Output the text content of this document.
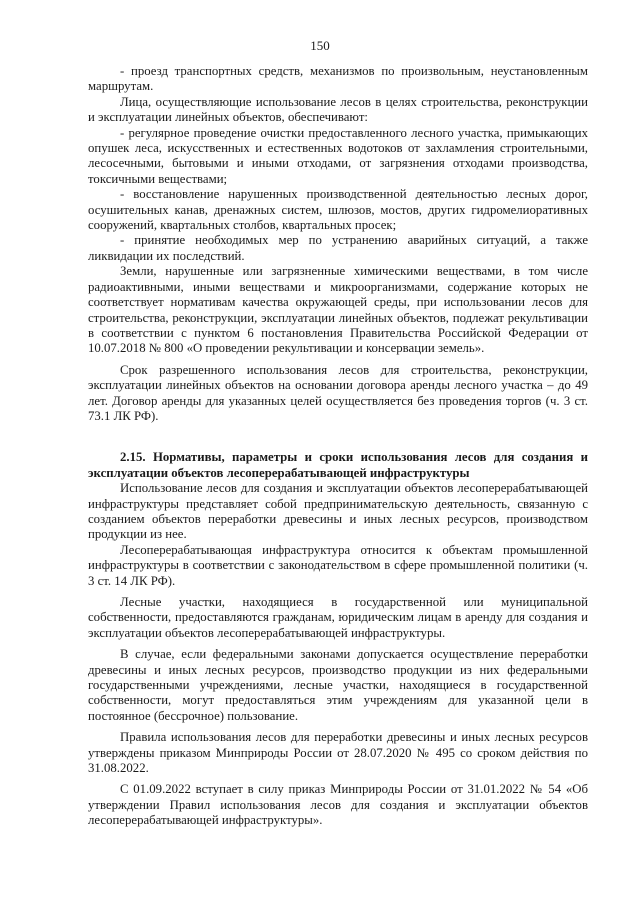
150

- проезд транспортных средств, механизмов по произвольным, неустановленным маршрутам.

Лица, осуществляющие использование лесов в целях строительства, реконструкции и эксплуатации линейных объектов, обеспечивают:

- регулярное проведение очистки предоставленного лесного участка, примыкающих опушек леса, искусственных и естественных водотоков от захламления строительными, лесосечными, бытовыми и иными отходами, от загрязнения отходами производства, токсичными веществами;

- восстановление нарушенных производственной деятельностью лесных дорог, осушительных канав, дренажных систем, шлюзов, мостов, других гидромелиоративных сооружений, квартальных столбов, квартальных просек;

- принятие необходимых мер по устранению аварийных ситуаций, а также ликвидации их последствий.

Земли, нарушенные или загрязненные химическими веществами, в том числе радиоактивными, иными веществами и микроорганизмами, содержание которых не соответствует нормативам качества окружающей среды, при использовании лесов для строительства, реконструкции, эксплуатации линейных объектов, подлежат рекультивации в соответствии с пунктом 6 постановления Правительства Российской Федерации от 10.07.2018 № 800 «О проведении рекультивации и консервации земель».

Срок разрешенного использования лесов для строительства, реконструкции, эксплуатации линейных объектов на основании договора аренды лесного участка – до 49 лет. Договор аренды для указанных целей осуществляется без проведения торгов (ч. 3 ст. 73.1 ЛК РФ).

2.15. Нормативы, параметры и сроки использования лесов для создания и эксплуатации объектов лесоперерабатывающей инфраструктуры

Использование лесов для создания и эксплуатации объектов лесоперерабатывающей инфраструктуры представляет собой предпринимательскую деятельность, связанную с созданием объектов переработки древесины и иных лесных ресурсов, производством продукции из нее.

Лесоперерабатывающая инфраструктура относится к объектам промышленной инфраструктуры в соответствии с законодательством в сфере промышленной политики (ч. 3 ст. 14 ЛК РФ).

Лесные участки, находящиеся в государственной или муниципальной собственности, предоставляются гражданам, юридическим лицам в аренду для создания и эксплуатации объектов лесоперерабатывающей инфраструктуры.

В случае, если федеральными законами допускается осуществление переработки древесины и иных лесных ресурсов, производство продукции из них федеральными государственными учреждениями, лесные участки, находящиеся в государственной собственности, могут предоставляться этим учреждениям для указанной цели в постоянное (бессрочное) пользование.

Правила использования лесов для переработки древесины и иных лесных ресурсов утверждены приказом Минприроды России от 28.07.2020 № 495 со сроком действия по 31.08.2022.

С 01.09.2022 вступает в силу приказ Минприроды России от 31.01.2022 № 54 «Об утверждении Правил использования лесов для создания и эксплуатации объектов лесоперерабатывающей инфраструктуры».
